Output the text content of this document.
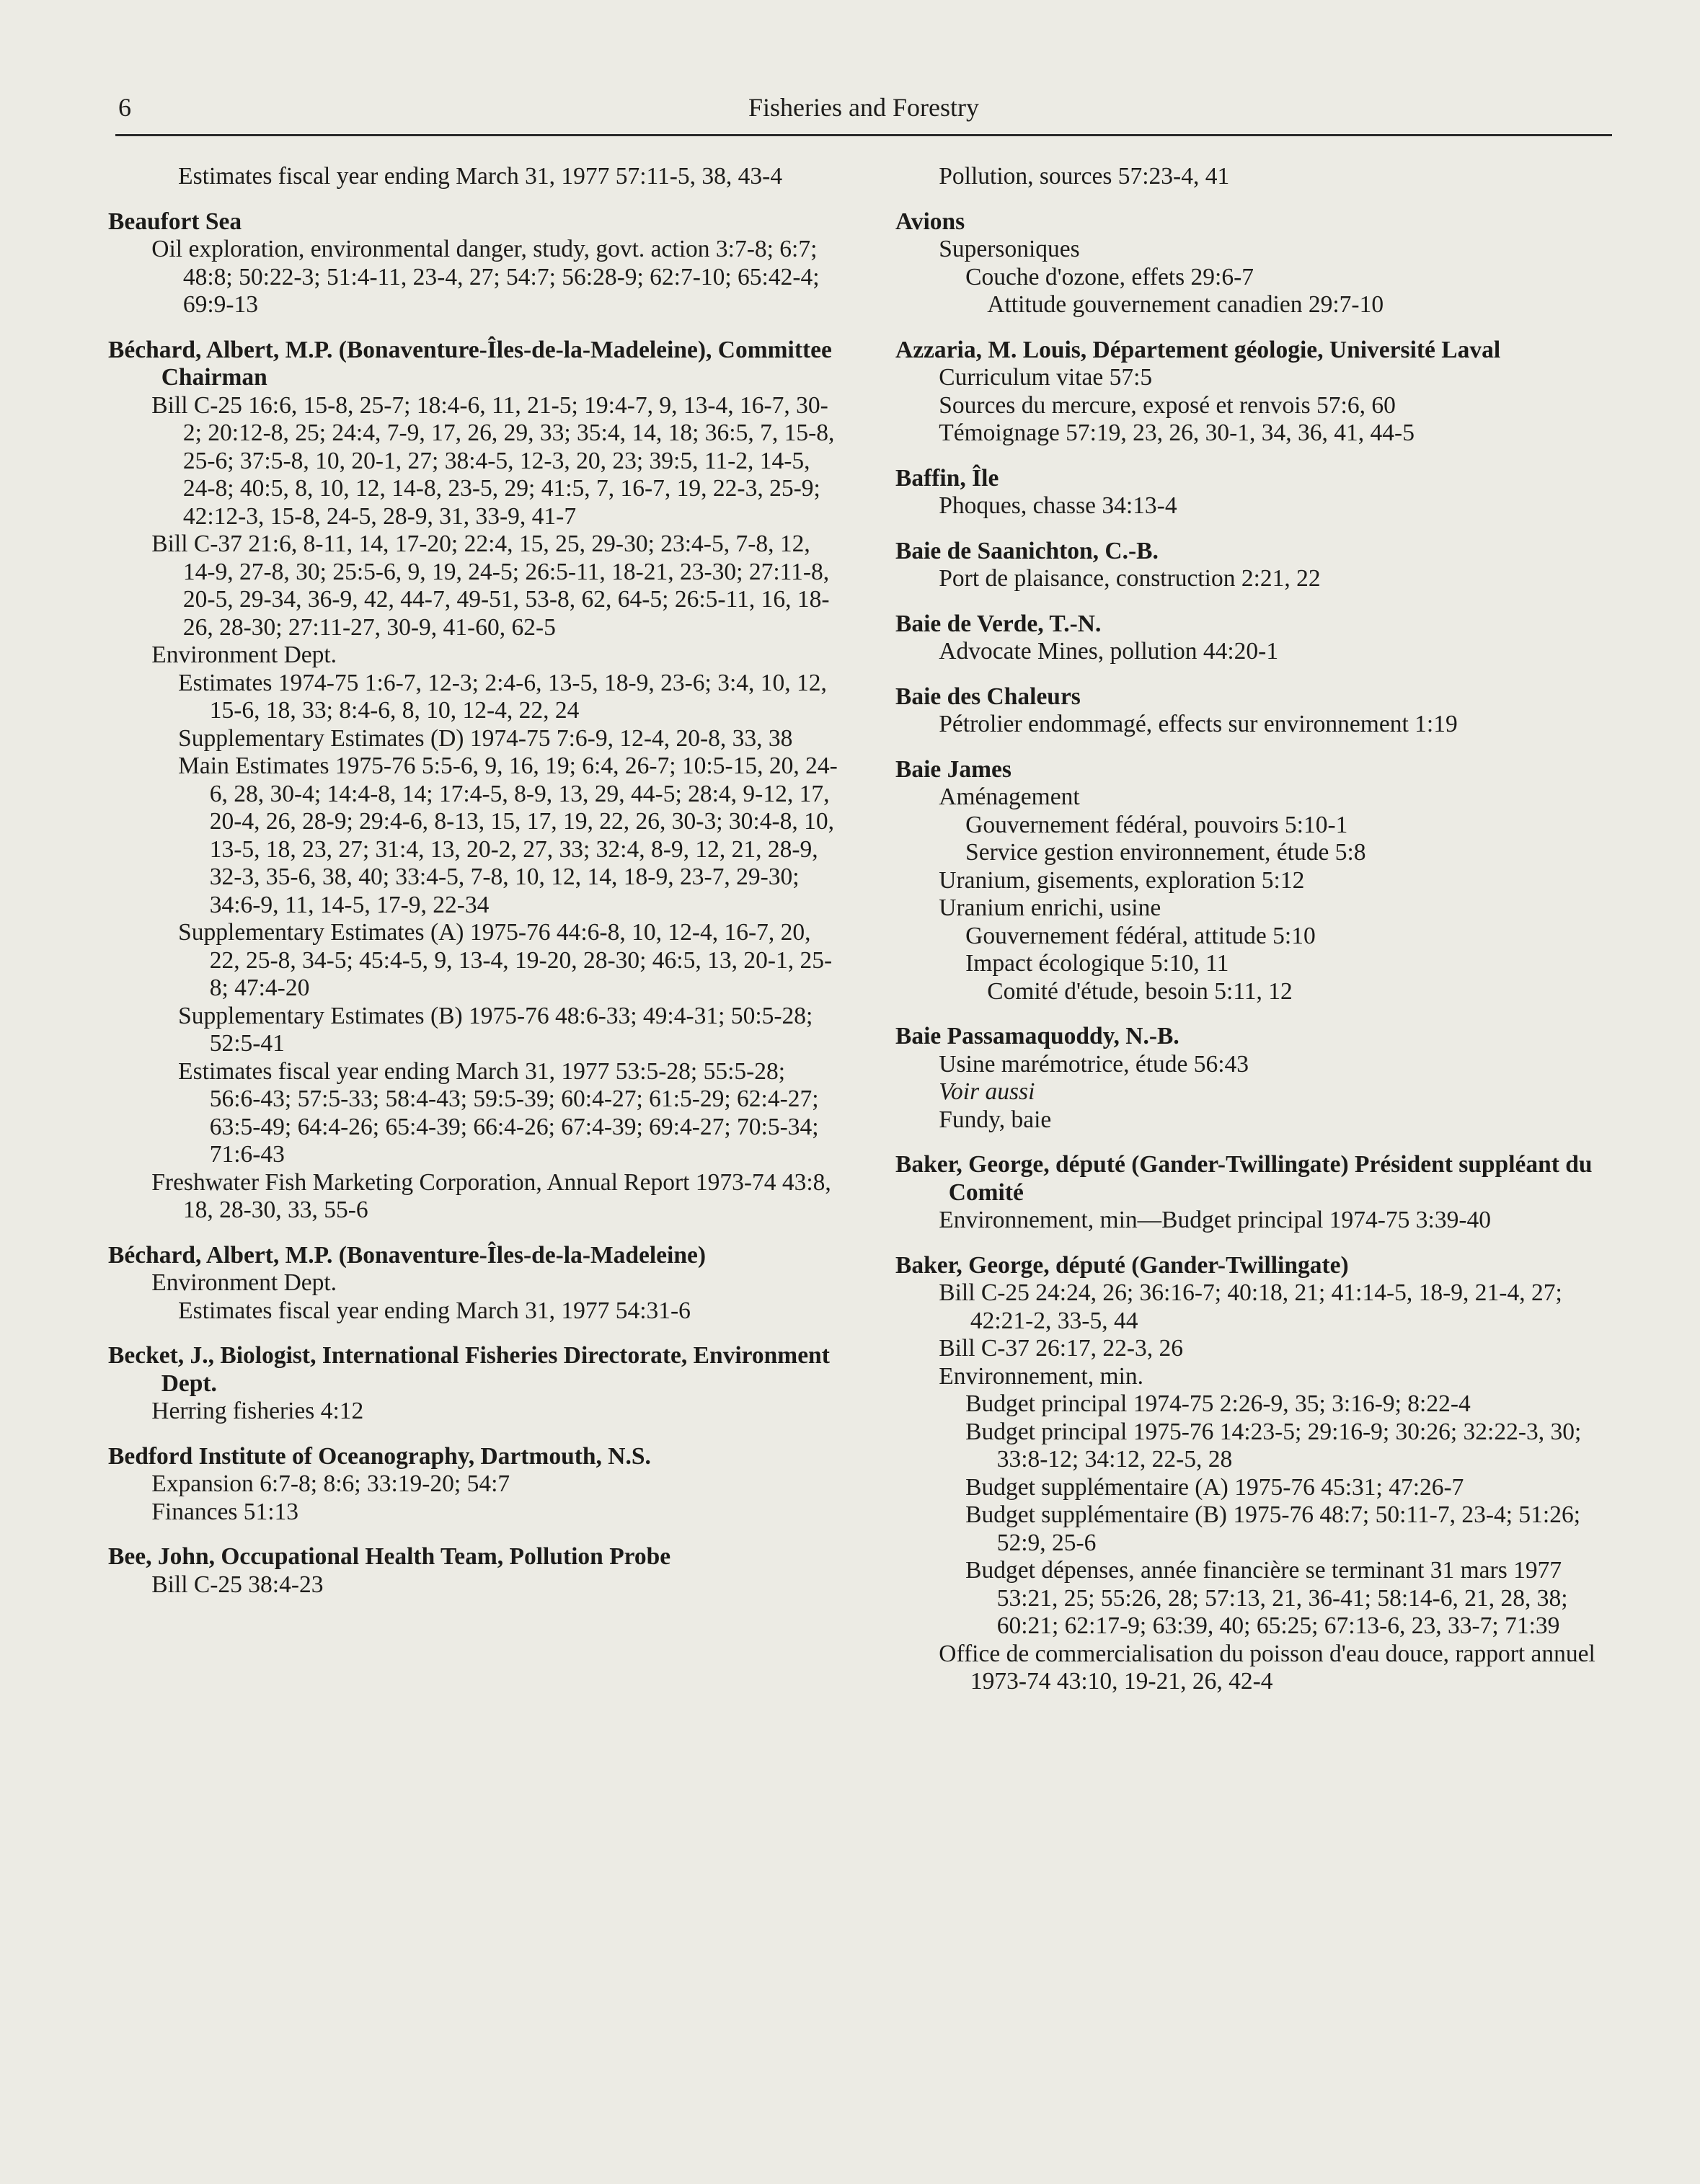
6	Fisheries and Forestry
Estimates fiscal year ending March 31, 1977 57:11-5, 38, 43-4
Beaufort Sea
Oil exploration, environmental danger, study, govt. action 3:7-8; 6:7; 48:8; 50:22-3; 51:4-11, 23-4, 27; 54:7; 56:28-9; 62:7-10; 65:42-4; 69:9-13
Béchard, Albert, M.P. (Bonaventure-Îles-de-la-Madeleine), Committee Chairman
Bill C-25 16:6, 15-8, 25-7; 18:4-6, 11, 21-5; 19:4-7, 9, 13-4, 16-7, 30-2; 20:12-8, 25; 24:4, 7-9, 17, 26, 29, 33; 35:4, 14, 18; 36:5, 7, 15-8, 25-6; 37:5-8, 10, 20-1, 27; 38:4-5, 12-3, 20, 23; 39:5, 11-2, 14-5, 24-8; 40:5, 8, 10, 12, 14-8, 23-5, 29; 41:5, 7, 16-7, 19, 22-3, 25-9; 42:12-3, 15-8, 24-5, 28-9, 31, 33-9, 41-7
Bill C-37 21:6, 8-11, 14, 17-20; 22:4, 15, 25, 29-30; 23:4-5, 7-8, 12, 14-9, 27-8, 30; 25:5-6, 9, 19, 24-5; 26:5-11, 18-21, 23-30; 27:11-8, 20-5, 29-34, 36-9, 42, 44-7, 49-51, 53-8, 62, 64-5; 26:5-11, 16, 18-26, 28-30; 27:11-27, 30-9, 41-60, 62-5
Environment Dept.
Estimates 1974-75 1:6-7, 12-3; 2:4-6, 13-5, 18-9, 23-6; 3:4, 10, 12, 15-6, 18, 33; 8:4-6, 8, 10, 12-4, 22, 24
Supplementary Estimates (D) 1974-75 7:6-9, 12-4, 20-8, 33, 38
Main Estimates 1975-76 5:5-6, 9, 16, 19; 6:4, 26-7; 10:5-15, 20, 24-6, 28, 30-4; 14:4-8, 14; 17:4-5, 8-9, 13, 29, 44-5; 28:4, 9-12, 17, 20-4, 26, 28-9; 29:4-6, 8-13, 15, 17, 19, 22, 26, 30-3; 30:4-8, 10, 13-5, 18, 23, 27; 31:4, 13, 20-2, 27, 33; 32:4, 8-9, 12, 21, 28-9, 32-3, 35-6, 38, 40; 33:4-5, 7-8, 10, 12, 14, 18-9, 23-7, 29-30; 34:6-9, 11, 14-5, 17-9, 22-34
Supplementary Estimates (A) 1975-76 44:6-8, 10, 12-4, 16-7, 20, 22, 25-8, 34-5; 45:4-5, 9, 13-4, 19-20, 28-30; 46:5, 13, 20-1, 25-8; 47:4-20
Supplementary Estimates (B) 1975-76 48:6-33; 49:4-31; 50:5-28; 52:5-41
Estimates fiscal year ending March 31, 1977 53:5-28; 55:5-28; 56:6-43; 57:5-33; 58:4-43; 59:5-39; 60:4-27; 61:5-29; 62:4-27; 63:5-49; 64:4-26; 65:4-39; 66:4-26; 67:4-39; 69:4-27; 70:5-34; 71:6-43
Freshwater Fish Marketing Corporation, Annual Report 1973-74 43:8, 18, 28-30, 33, 55-6
Béchard, Albert, M.P. (Bonaventure-Îles-de-la-Madeleine)
Environment Dept.
Estimates fiscal year ending March 31, 1977 54:31-6
Becket, J., Biologist, International Fisheries Directorate, Environment Dept.
Herring fisheries 4:12
Bedford Institute of Oceanography, Dartmouth, N.S.
Expansion 6:7-8; 8:6; 33:19-20; 54:7
Finances 51:13
Bee, John, Occupational Health Team, Pollution Probe
Bill C-25 38:4-23
Pollution, sources 57:23-4, 41
Avions
Supersoniques
Couche d'ozone, effets 29:6-7
Attitude gouvernement canadien 29:7-10
Azzaria, M. Louis, Département géologie, Université Laval
Curriculum vitae 57:5
Sources du mercure, exposé et renvois 57:6, 60
Témoignage 57:19, 23, 26, 30-1, 34, 36, 41, 44-5
Baffin, Île
Phoques, chasse 34:13-4
Baie de Saanichton, C.-B.
Port de plaisance, construction 2:21, 22
Baie de Verde, T.-N.
Advocate Mines, pollution 44:20-1
Baie des Chaleurs
Pétrolier endommagé, effects sur environnement 1:19
Baie James
Aménagement
Gouvernement fédéral, pouvoirs 5:10-1
Service gestion environnement, étude 5:8
Uranium, gisements, exploration 5:12
Uranium enrichi, usine
Gouvernement fédéral, attitude 5:10
Impact écologique 5:10, 11
Comité d'étude, besoin 5:11, 12
Baie Passamaquoddy, N.-B.
Usine marémotrice, étude 56:43
Voir aussi
Fundy, baie
Baker, George, député (Gander-Twillingate) Président suppléant du Comité
Environnement, min—Budget principal 1974-75 3:39-40
Baker, George, député (Gander-Twillingate)
Bill C-25 24:24, 26; 36:16-7; 40:18, 21; 41:14-5, 18-9, 21-4, 27; 42:21-2, 33-5, 44
Bill C-37 26:17, 22-3, 26
Environnement, min.
Budget principal 1974-75 2:26-9, 35; 3:16-9; 8:22-4
Budget principal 1975-76 14:23-5; 29:16-9; 30:26; 32:22-3, 30; 33:8-12; 34:12, 22-5, 28
Budget supplémentaire (A) 1975-76 45:31; 47:26-7
Budget supplémentaire (B) 1975-76 48:7; 50:11-7, 23-4; 51:26; 52:9, 25-6
Budget dépenses, année financière se terminant 31 mars 1977 53:21, 25; 55:26, 28; 57:13, 21, 36-41; 58:14-6, 21, 28, 38; 60:21; 62:17-9; 63:39, 40; 65:25; 67:13-6, 23, 33-7; 71:39
Office de commercialisation du poisson d'eau douce, rapport annuel 1973-74 43:10, 19-21, 26, 42-4
